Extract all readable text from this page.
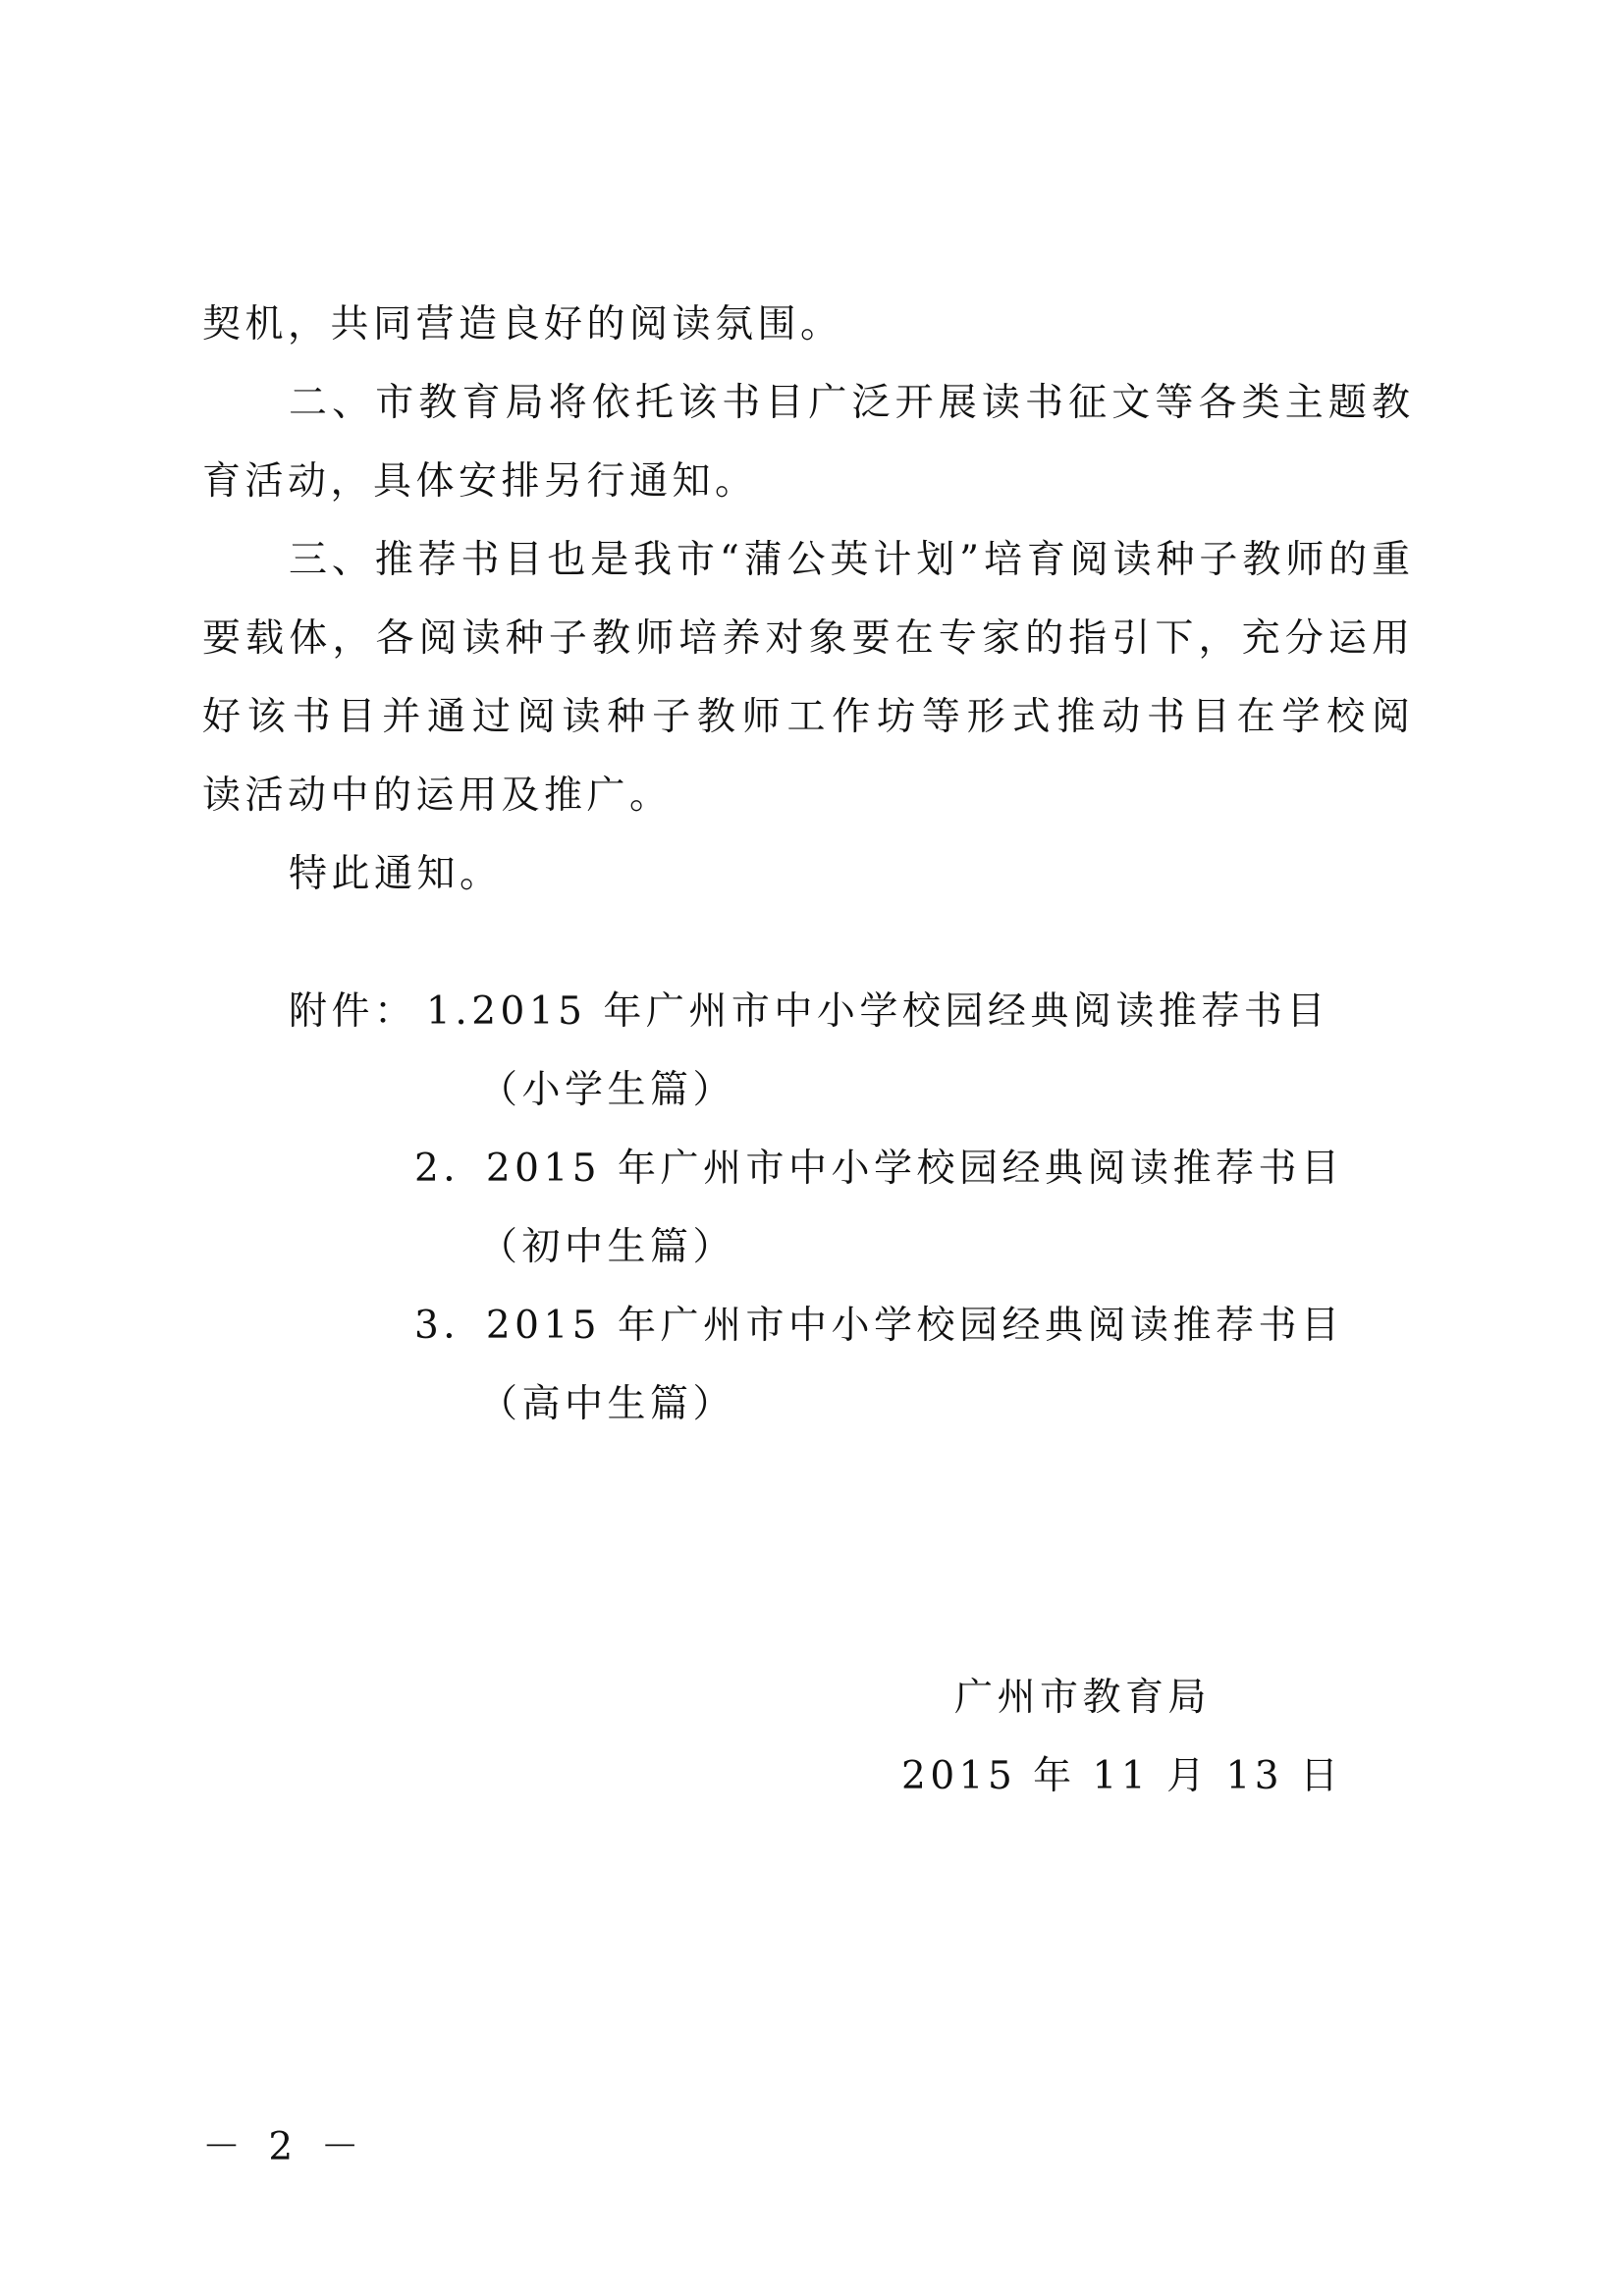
契机，共同营造良好的阅读氛围。
二、市教育局将依托该书目广泛开展读书征文等各类主题教
育活动，具体安排另行通知。
三、推荐书目也是我市“蒲公英计划”培育阅读种子教师的重
要载体，各阅读种子教师培养对象要在专家的指引下，充分运用
好该书目并通过阅读种子教师工作坊等形式推动书目在学校阅
读活动中的运用及推广。
特此通知。
附件： 1.2015 年广州市中小学校园经典阅读推荐书目
（小学生篇）
2．2015 年广州市中小学校园经典阅读推荐书目
（初中生篇）
3．2015 年广州市中小学校园经典阅读推荐书目
（高中生篇）
广州市教育局
2015 年 11 月 13 日
－ 2 －
